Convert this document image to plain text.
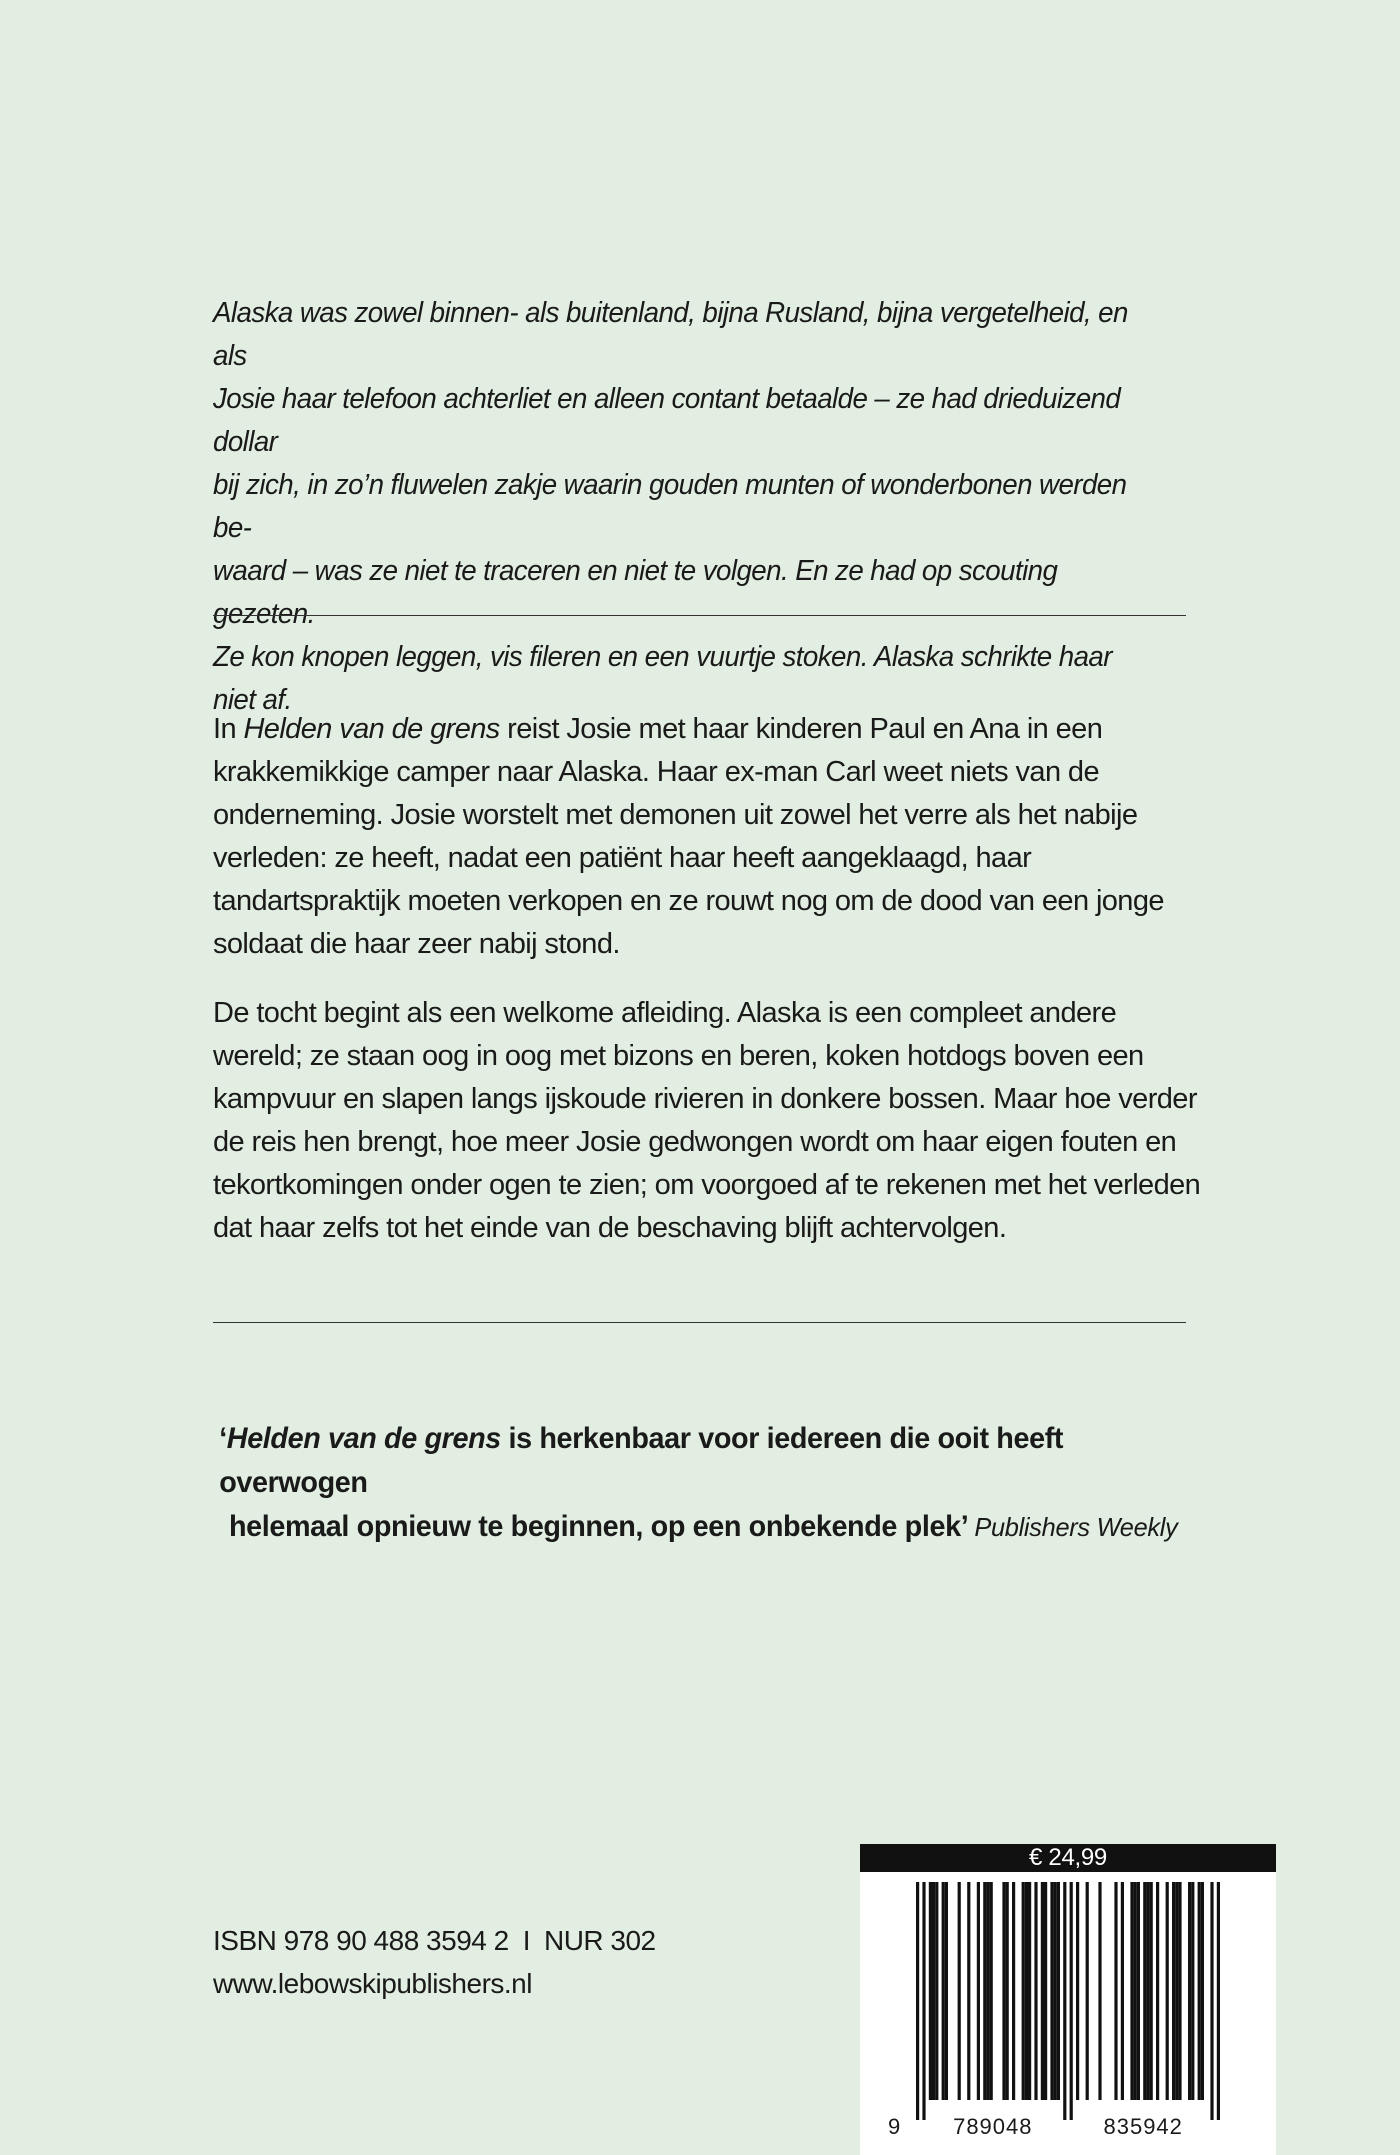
Alaska was zowel binnen- als buitenland, bijna Rusland, bijna vergetelheid, en als

Josie haar telefoon achterliet en alleen contant betaalde – ze had drieduizend dollar

bij zich, in zo’n fluwelen zakje waarin gouden munten of wonderbonen werden be-

waard – was ze niet te traceren en niet te volgen. En ze had op scouting gezeten.

Ze kon knopen leggen, vis fileren en een vuurtje stoken. Alaska schrikte haar niet af.

In Helden van de grens reist Josie met haar kinderen Paul en Ana in een krakkemikkige camper naar Alaska. Haar ex-man Carl weet niets van de onderneming. Josie worstelt met demonen uit zowel het verre als het nabije verleden: ze heeft, nadat een patiënt haar heeft aangeklaagd, haar tandartspraktijk moeten verkopen en ze rouwt nog om de dood van een jonge soldaat die haar zeer nabij stond.

De tocht begint als een welkome afleiding. Alaska is een compleet andere wereld; ze staan oog in oog met bizons en beren, koken hotdogs boven een kampvuur en slapen langs ijskoude rivieren in donkere bossen. Maar hoe verder de reis hen brengt, hoe meer Josie gedwongen wordt om haar eigen fouten en tekortkomingen onder ogen te zien; om voorgoed af te rekenen met het verleden dat haar zelfs tot het einde van de beschaving blijft achtervolgen.

‘Helden van de grens is herkenbaar voor iedereen die ooit heeft overwogen
helemaal opnieuw te beginnen, op een onbekende plek’ Publishers Weekly
ISBN 978 90 488 3594 2 I NUR 302
www.lebowskipublishers.nl
€ 24,99
9 789048	835942
